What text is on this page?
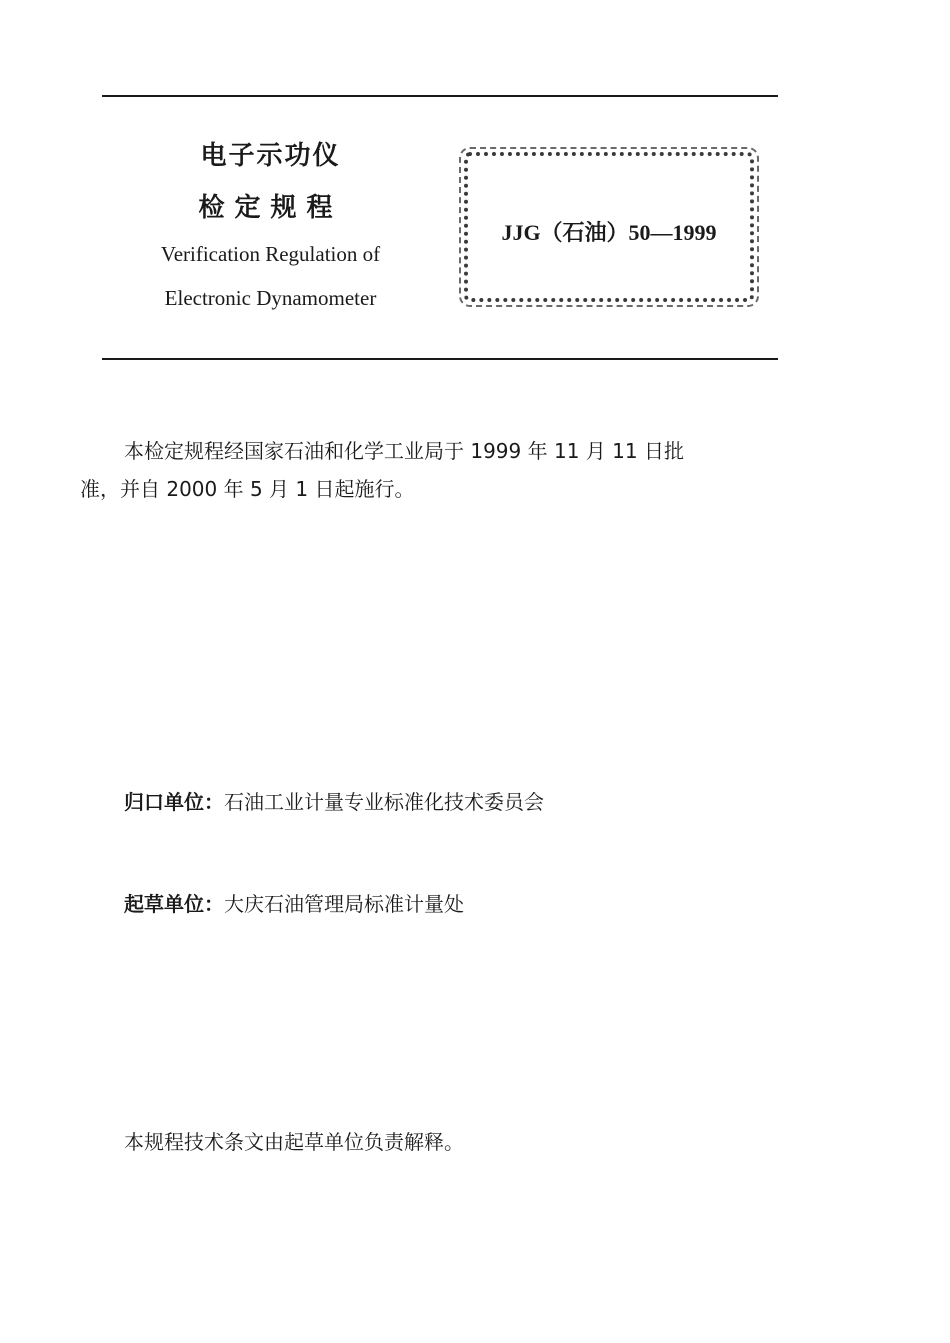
电子示功仪
检定规程
Verification Regulation of
Electronic Dynamometer
JJG（石油）50—1999
本检定规程经国家石油和化学工业局于 1999 年 11 月 11 日批
准，并自 2000 年 5 月 1 日起施行。
归口单位：石油工业计量专业标准化技术委员会
起草单位：大庆石油管理局标准计量处
本规程技术条文由起草单位负责解释。
